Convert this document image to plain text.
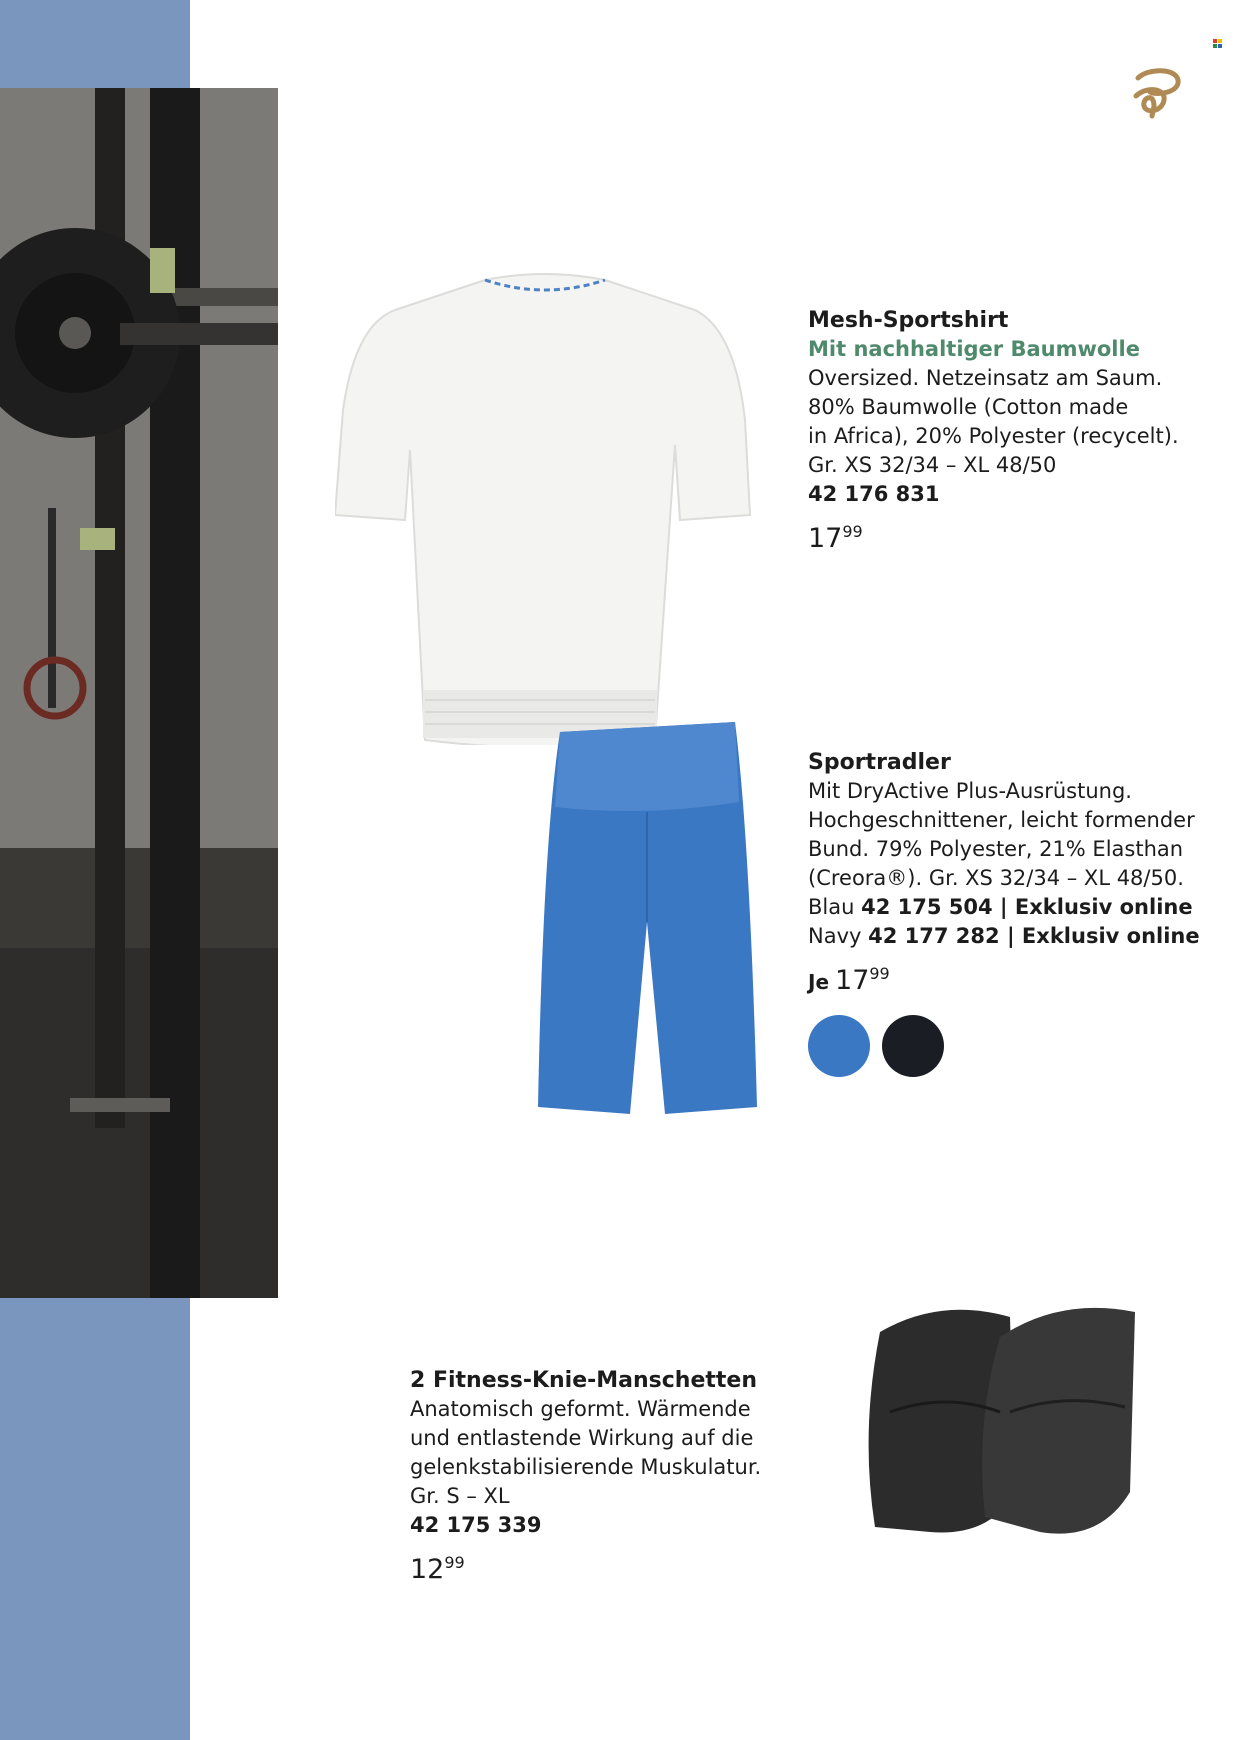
Mesh-Sportshirt
Mit nachhaltiger Baumwolle
Oversized. Netzeinsatz am Saum.
80% Baumwolle (Cotton made
in Africa), 20% Polyester (recycelt).
Gr. XS 32/34 – XL 48/50
42 176 831
$17^{99}$
Sportradler
Mit DryActive Plus-Ausrüstung.
Hochgeschnittener, leicht formender
Bund. 79% Polyester, 21% Elasthan
(Creora®). Gr. XS 32/34 – XL 48/50.
Blau 42 175 504 | Exklusiv online
Navy 42 177 282 | Exklusiv online
Je $17^{99}$
2 Fitness-Knie-Manschetten
Anatomisch geformt. Wärmende
und entlastende Wirkung auf die
gelenkstabilisierende Muskulatur.
Gr. S – XL
42 175 339
$12^{99}$
